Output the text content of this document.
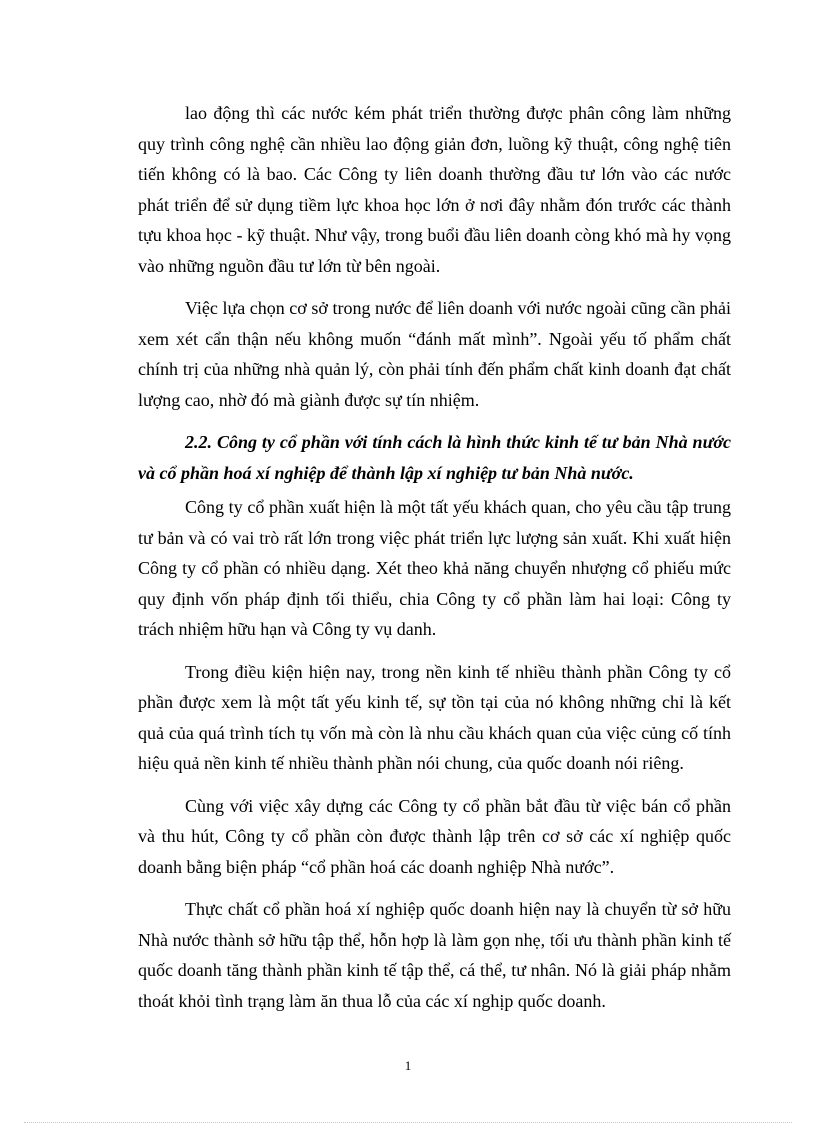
lao động thì các nước kém phát triển thường được phân công làm những quy trình công nghệ cần nhiều lao động giản đơn, luồng kỹ thuật, công nghệ tiên tiến không có là bao. Các Công ty liên doanh thường đầu tư lớn vào các nước phát triển để sử dụng tiềm lực khoa học lớn ở nơi đây nhằm đón trước các thành tựu khoa học - kỹ thuật. Như vậy, trong buổi đầu liên doanh còng khó mà hy vọng vào những nguồn đầu tư lớn từ bên ngoài.

Việc lựa chọn cơ sở trong nước để liên doanh với nước ngoài cũng cần phải xem xét cẩn thận nếu không muốn “đánh mất mình”. Ngoài yếu tố phẩm chất chính trị của những nhà quản lý, còn phải tính đến phẩm chất kinh doanh đạt chất lượng cao, nhờ đó mà giành được sự tín nhiệm.

2.2. Công ty cổ phần với tính cách là hình thức kinh tế tư bản Nhà nước và cổ phần hoá xí nghiệp để thành lập xí nghiệp tư bản Nhà nước.

Công ty cổ phần xuất hiện là một tất yếu khách quan, cho yêu cầu tập trung tư bản và có vai trò rất lớn trong việc phát triển lực lượng sản xuất. Khi xuất hiện Công ty cổ phần có nhiều dạng. Xét theo khả năng chuyển nhượng cổ phiếu mức quy định vốn pháp định tối thiểu, chia Công ty cổ phần làm hai loại: Công ty trách nhiệm hữu hạn và Công ty vụ danh.

Trong điều kiện hiện nay, trong nền kinh tế nhiều thành phần Công ty cổ phần được xem là một tất yếu kinh tế, sự tồn tại của nó không những chỉ là kết quả của quá trình tích tụ vốn mà còn là nhu cầu khách quan của việc củng cố tính hiệu quả nền kinh tế nhiều thành phần nói chung, của quốc doanh nói riêng.

Cùng với việc xây dựng các Công ty cổ phần bắt đầu từ việc bán cổ phần và thu hút, Công ty cổ phần còn được thành lập trên cơ sở các xí nghiệp quốc doanh bằng biện pháp “cổ phần hoá các doanh nghiệp Nhà nước”.

Thực chất cổ phần hoá xí nghiệp quốc doanh hiện nay là chuyển từ sở hữu Nhà nước thành sở hữu tập thể, hỗn hợp là làm gọn nhẹ, tối ưu thành phần kinh tế quốc doanh tăng thành phần kinh tế tập thể, cá thể, tư nhân. Nó là giải pháp nhằm thoát khỏi tình trạng làm ăn thua lỗ của các xí nghịp quốc doanh.

1
